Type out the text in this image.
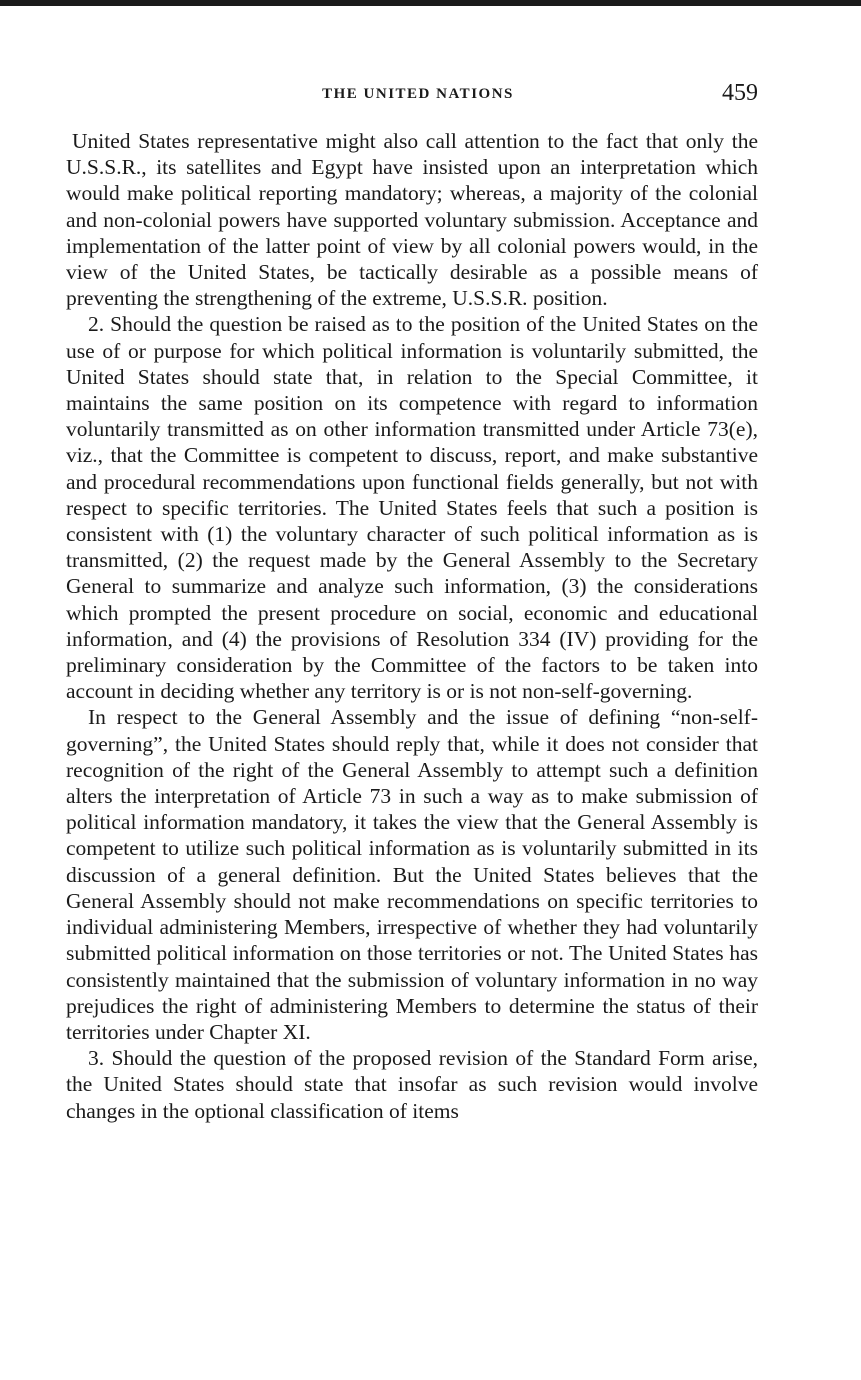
THE UNITED NATIONS	459

United States representative might also call attention to the fact that only the U.S.S.R., its satellites and Egypt have insisted upon an interpretation which would make political reporting mandatory; whereas, a majority of the colonial and non-colonial powers have supported voluntary submission. Acceptance and implementation of the latter point of view by all colonial powers would, in the view of the United States, be tactically desirable as a possible means of preventing the strengthening of the extreme, U.S.S.R. position.

2. Should the question be raised as to the position of the United States on the use of or purpose for which political information is voluntarily submitted, the United States should state that, in relation to the Special Committee, it maintains the same position on its competence with regard to information voluntarily transmitted as on other information transmitted under Article 73(e), viz., that the Committee is competent to discuss, report, and make substantive and procedural recommendations upon functional fields generally, but not with respect to specific territories. The United States feels that such a position is consistent with (1) the voluntary character of such political information as is transmitted, (2) the request made by the General Assembly to the Secretary General to summarize and analyze such information, (3) the considerations which prompted the present procedure on social, economic and educational information, and (4) the provisions of Resolution 334 (IV) providing for the preliminary consideration by the Committee of the factors to be taken into account in deciding whether any territory is or is not non-self-governing.

In respect to the General Assembly and the issue of defining “non-self-governing”, the United States should reply that, while it does not consider that recognition of the right of the General Assembly to attempt such a definition alters the interpretation of Article 73 in such a way as to make submission of political information mandatory, it takes the view that the General Assembly is competent to utilize such political information as is voluntarily submitted in its discussion of a general definition. But the United States believes that the General Assembly should not make recommendations on specific territories to individual administering Members, irrespective of whether they had voluntarily submitted political information on those territories or not. The United States has consistently maintained that the submission of voluntary information in no way prejudices the right of administering Members to determine the status of their territories under Chapter XI.

3. Should the question of the proposed revision of the Standard Form arise, the United States should state that insofar as such revision would involve changes in the optional classification of items
